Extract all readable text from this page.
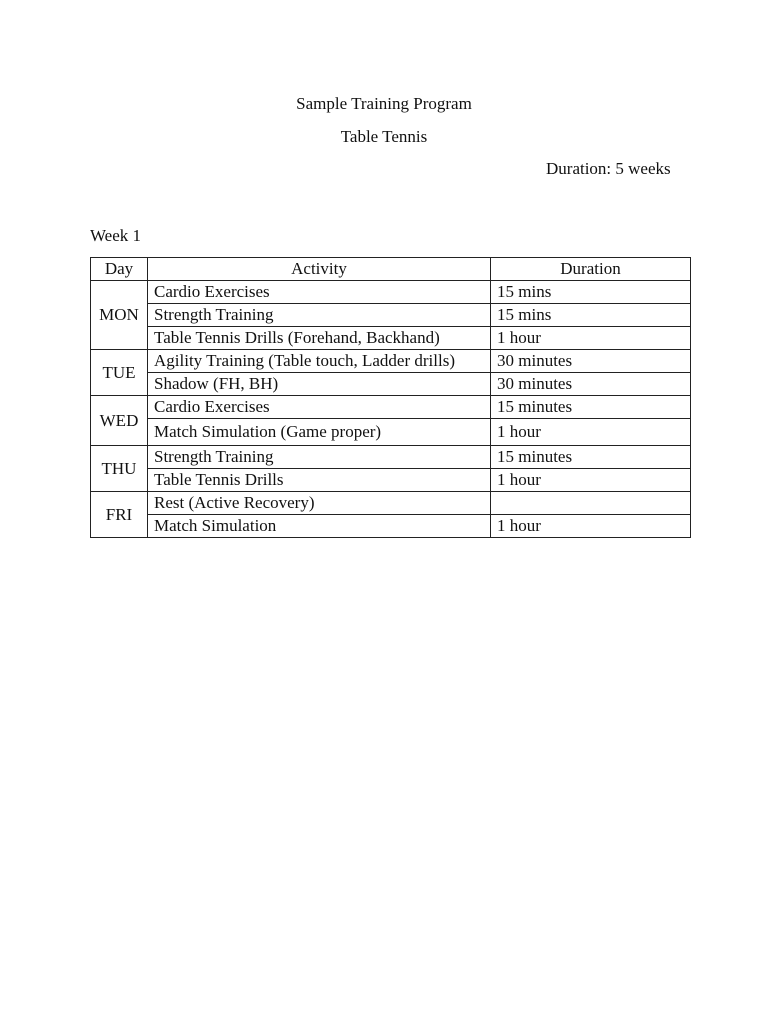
Sample Training Program
Table Tennis
Duration: 5 weeks
Week 1
Day	Activity	Duration
MON	Cardio Exercises	15 mins
	Strength Training	15 mins
	Table Tennis Drills (Forehand, Backhand)	1 hour
TUE	Agility Training (Table touch, Ladder drills)	30 minutes
	Shadow (FH, BH)	30 minutes
WED	Cardio Exercises	15 minutes
	Match Simulation (Game proper)	1 hour
THU	Strength Training	15 minutes
	Table Tennis Drills	1 hour
FRI	Rest (Active Recovery)	
	Match Simulation	1 hour
